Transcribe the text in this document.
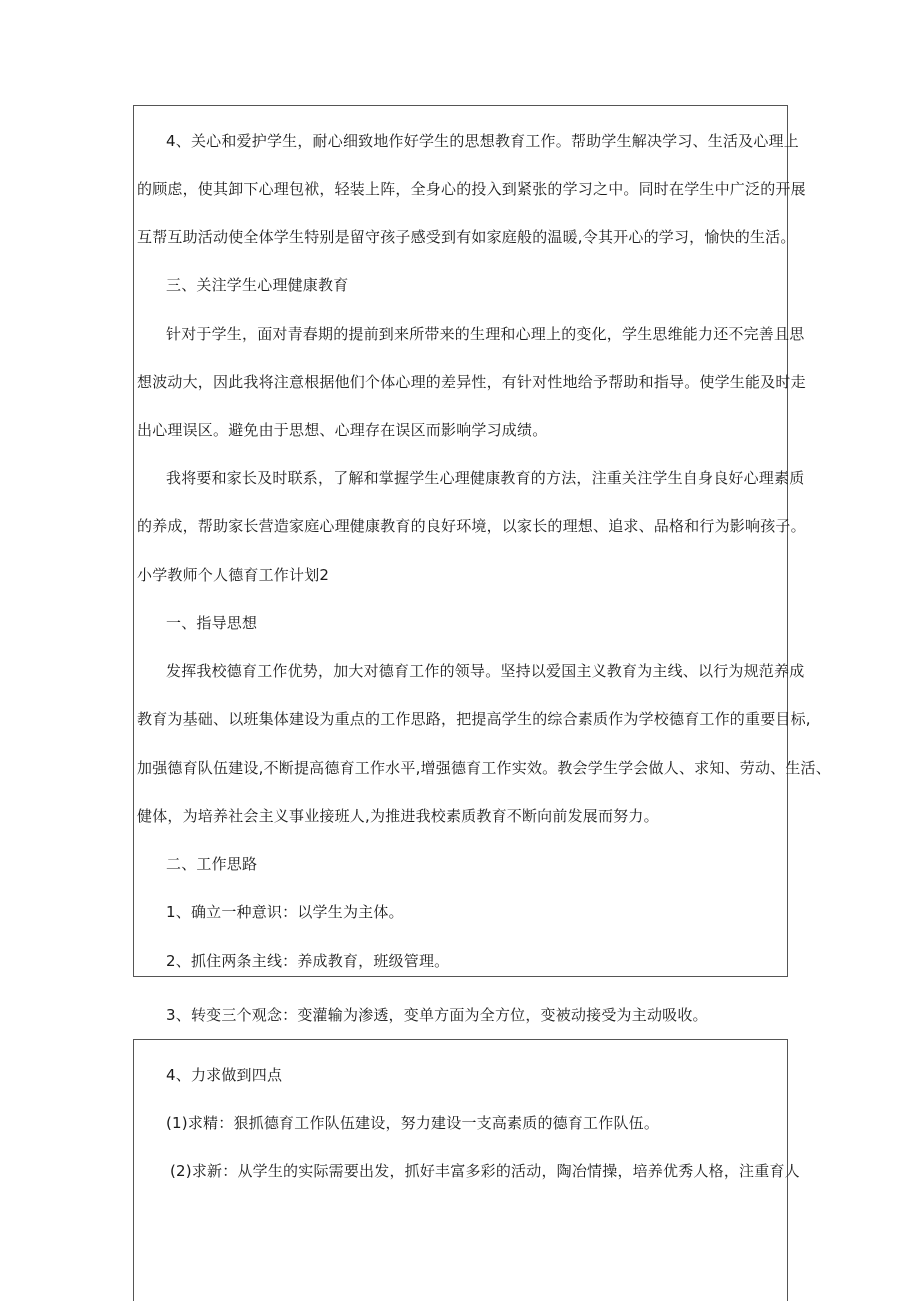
4、关心和爱护学生，耐心细致地作好学生的思想教育工作。帮助学生解决学习、生活及心理上
的顾虑，使其卸下心理包袱，轻装上阵，全身心的投入到紧张的学习之中。同时在学生中广泛的开展
互帮互助活动使全体学生特别是留守孩子感受到有如家庭般的温暖,令其开心的学习，愉快的生活。
三、关注学生心理健康教育
针对于学生，面对青春期的提前到来所带来的生理和心理上的变化，学生思维能力还不完善且思
想波动大，因此我将注意根据他们个体心理的差异性，有针对性地给予帮助和指导。使学生能及时走
出心理误区。避免由于思想、心理存在误区而影响学习成绩。
我将要和家长及时联系，了解和掌握学生心理健康教育的方法，注重关注学生自身良好心理素质
的养成，帮助家长营造家庭心理健康教育的良好环境，以家长的理想、追求、品格和行为影响孩子。
小学教师个人德育工作计划2
一、指导思想
发挥我校德育工作优势，加大对德育工作的领导。坚持以爱国主义教育为主线、以行为规范养成
教育为基础、以班集体建设为重点的工作思路，把提高学生的综合素质作为学校德育工作的重要目标,
加强德育队伍建设,不断提高德育工作水平,增强德育工作实效。教会学生学会做人、求知、劳动、生活、
健体，为培养社会主义事业接班人,为推进我校素质教育不断向前发展而努力。
二、工作思路
1、确立一种意识：以学生为主体。
2、抓住两条主线：养成教育，班级管理。
3、转变三个观念：变灌输为渗透，变单方面为全方位，变被动接受为主动吸收。
4、力求做到四点
(1)求精：狠抓德育工作队伍建设，努力建设一支高素质的德育工作队伍。
(2)求新：从学生的实际需要出发，抓好丰富多彩的活动，陶冶情操，培养优秀人格，注重育人
